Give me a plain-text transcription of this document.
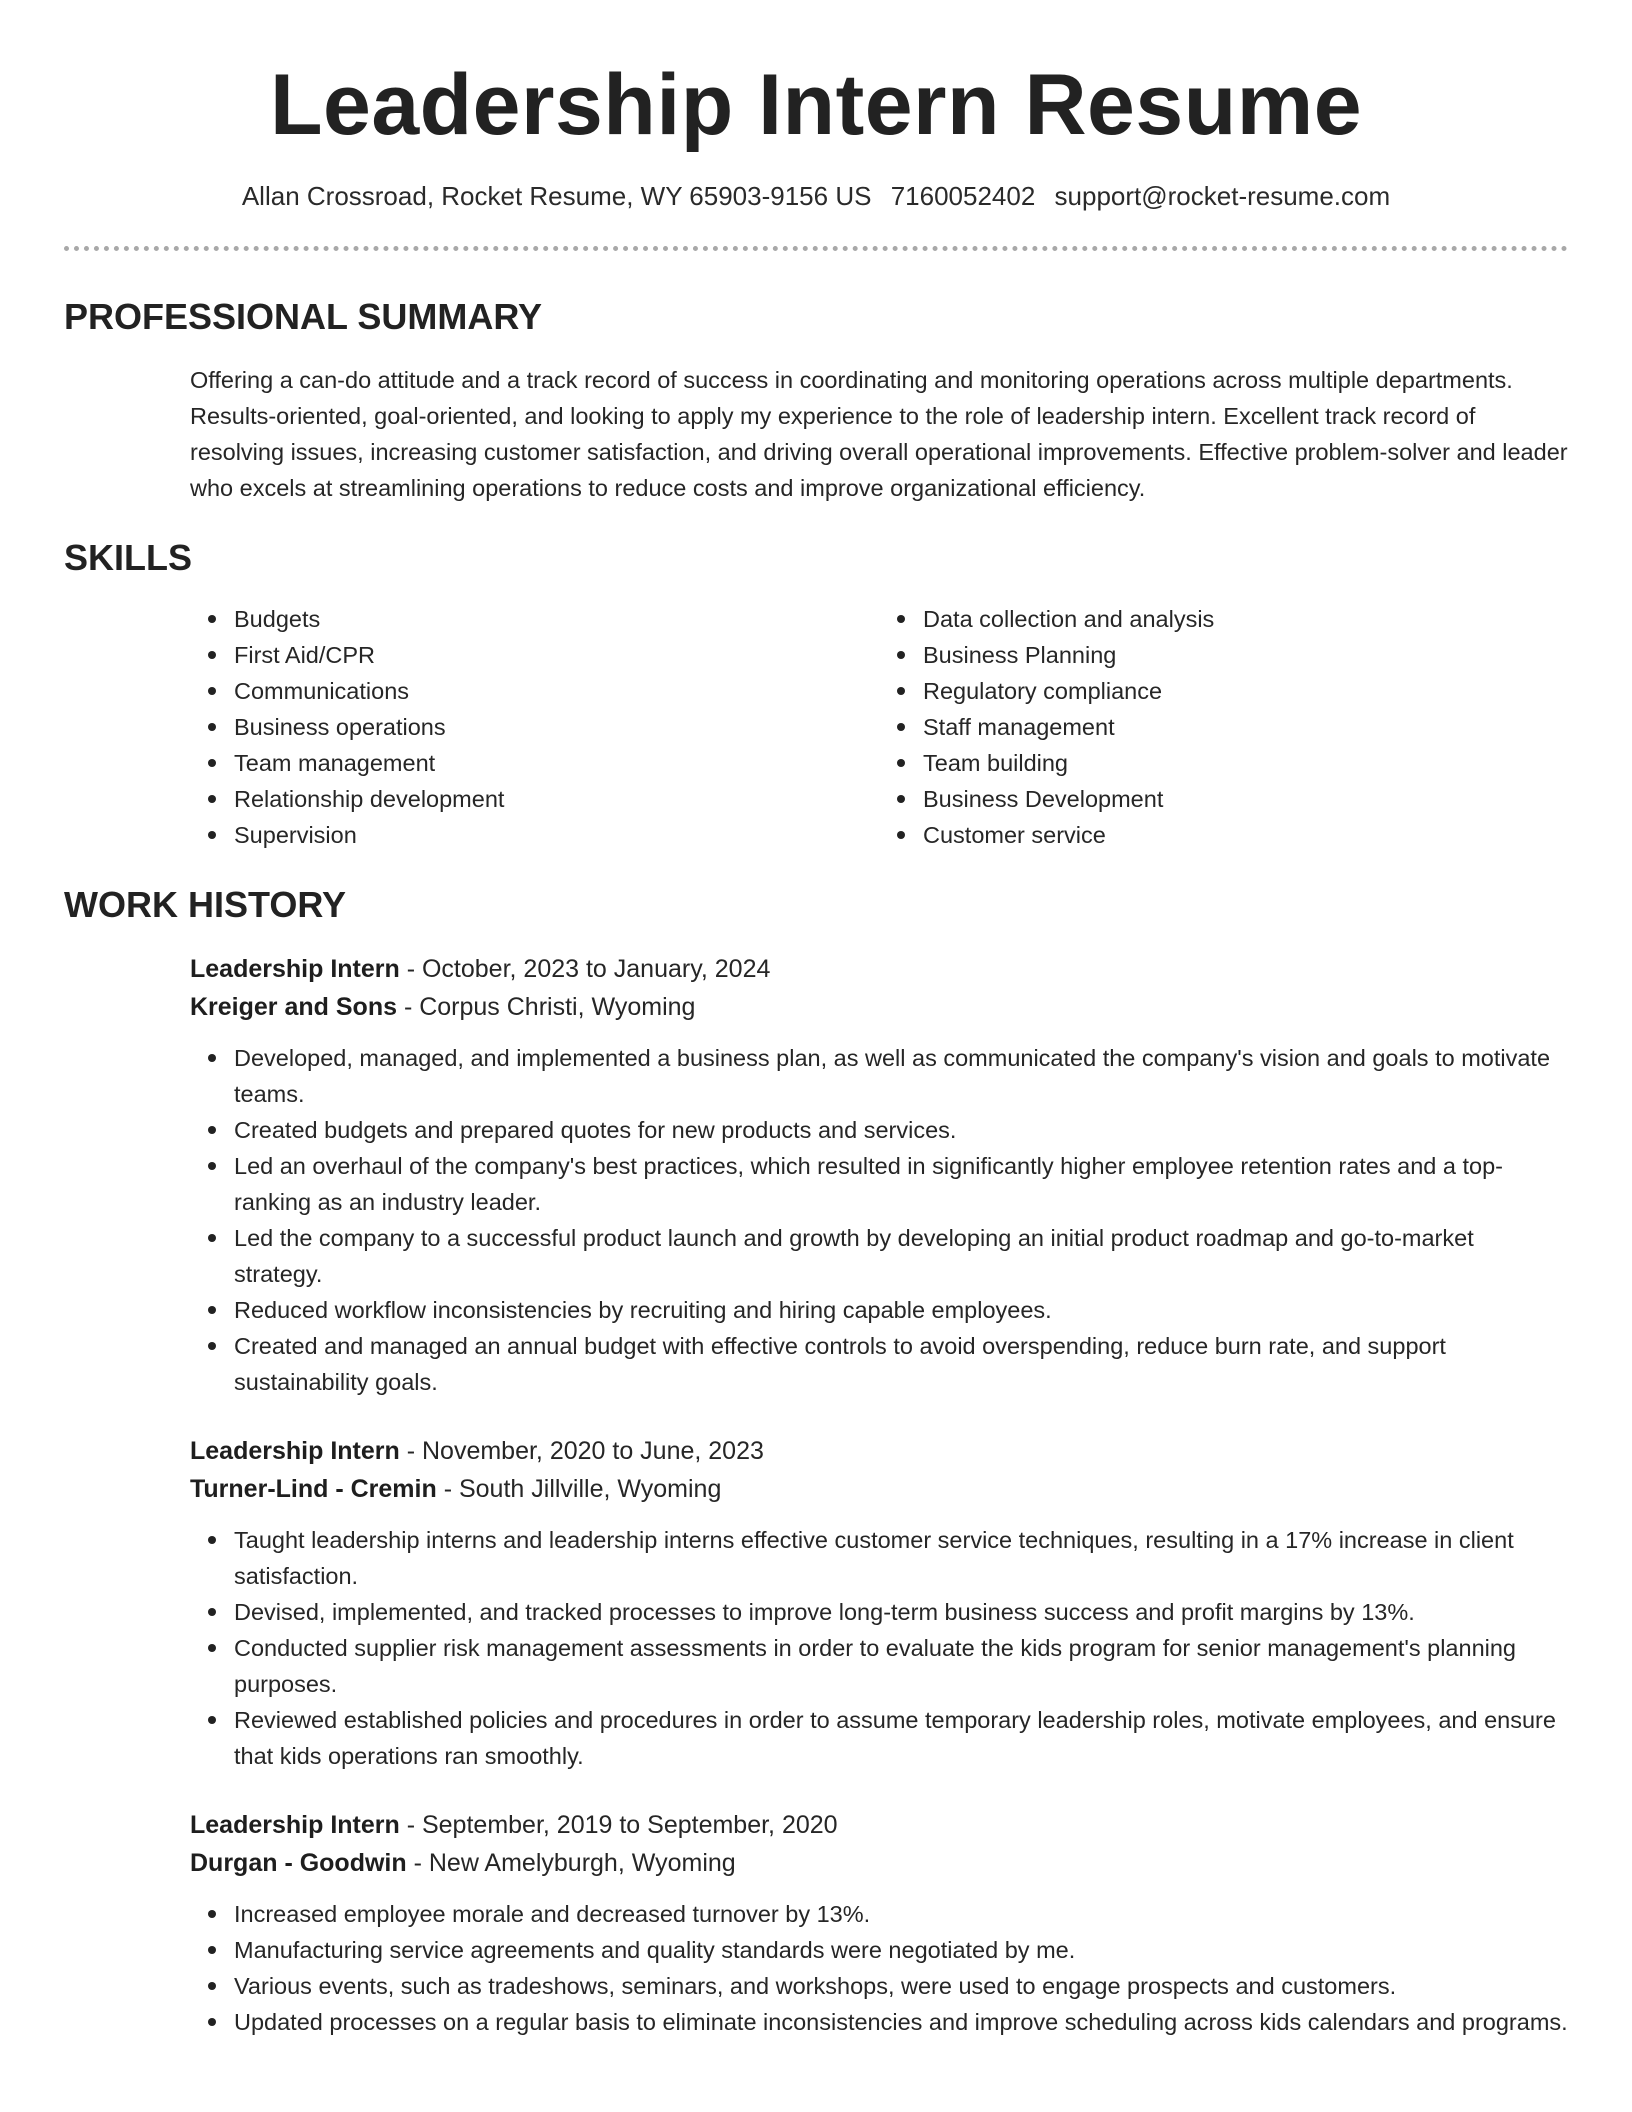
Leadership Intern Resume
Allan Crossroad, Rocket Resume, WY 65903-9156 US 7160052402 support@rocket-resume.com
PROFESSIONAL SUMMARY

Offering a can-do attitude and a track record of success in coordinating and monitoring operations across multiple departments. Results-oriented, goal-oriented, and looking to apply my experience to the role of leadership intern. Excellent track record of resolving issues, increasing customer satisfaction, and driving overall operational improvements. Effective problem-solver and leader who excels at streamlining operations to reduce costs and improve organizational efficiency.

SKILLS
Budgets
First Aid/CPR
Communications
Business operations
Team management
Relationship development
Supervision
Data collection and analysis
Business Planning
Regulatory compliance
Staff management
Team building
Business Development
Customer service
WORK HISTORY
Leadership Intern - October, 2023 to January, 2024
Kreiger and Sons - Corpus Christi, Wyoming
Developed, managed, and implemented a business plan, as well as communicated the company's vision and goals to motivate teams.
Created budgets and prepared quotes for new products and services.
Led an overhaul of the company's best practices, which resulted in significantly higher employee retention rates and a top-ranking as an industry leader.
Led the company to a successful product launch and growth by developing an initial product roadmap and go-to-market strategy.
Reduced workflow inconsistencies by recruiting and hiring capable employees.
Created and managed an annual budget with effective controls to avoid overspending, reduce burn rate, and support sustainability goals.
Leadership Intern - November, 2020 to June, 2023
Turner-Lind - Cremin - South Jillville, Wyoming
Taught leadership interns and leadership interns effective customer service techniques, resulting in a 17% increase in client satisfaction.
Devised, implemented, and tracked processes to improve long-term business success and profit margins by 13%.
Conducted supplier risk management assessments in order to evaluate the kids program for senior management's planning purposes.
Reviewed established policies and procedures in order to assume temporary leadership roles, motivate employees, and ensure that kids operations ran smoothly.
Leadership Intern - September, 2019 to September, 2020
Durgan - Goodwin - New Amelyburgh, Wyoming
Increased employee morale and decreased turnover by 13%.
Manufacturing service agreements and quality standards were negotiated by me.
Various events, such as tradeshows, seminars, and workshops, were used to engage prospects and customers.
Updated processes on a regular basis to eliminate inconsistencies and improve scheduling across kids calendars and programs.
